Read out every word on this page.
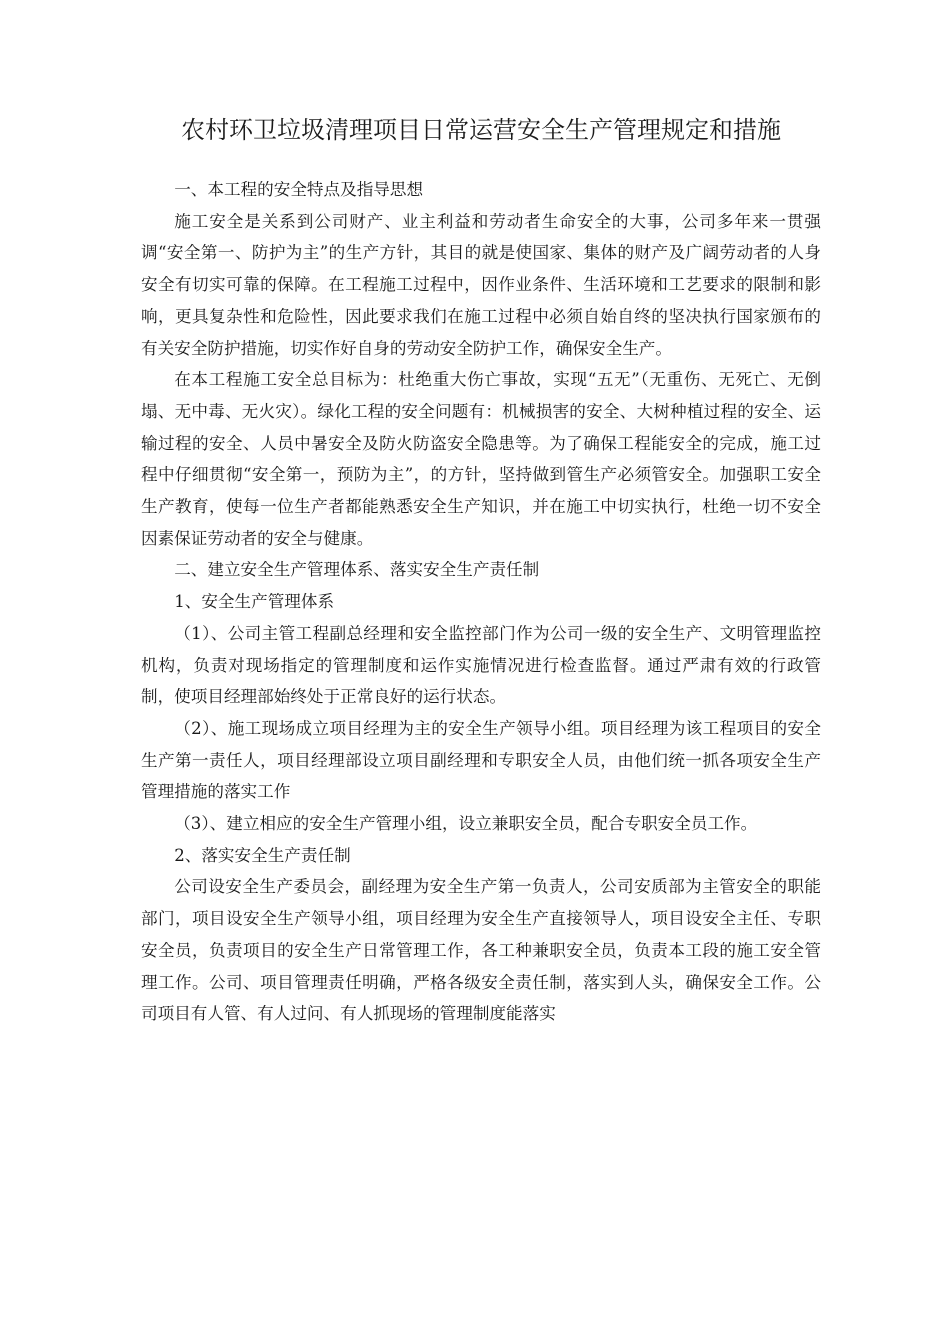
农村环卫垃圾清理项目日常运营安全生产管理规定和措施

一、本工程的安全特点及指导思想

施工安全是关系到公司财产、业主利益和劳动者生命安全的大事，公司多年来一贯强调“安全第一、防护为主”的生产方针，其目的就是使国家、集体的财产及广阔劳动者的人身安全有切实可靠的保障。在工程施工过程中，因作业条件、生活环境和工艺要求的限制和影响，更具复杂性和危险性，因此要求我们在施工过程中必须自始自终的坚决执行国家颁布的有关安全防护措施，切实作好自身的劳动安全防护工作，确保安全生产。

在本工程施工安全总目标为：杜绝重大伤亡事故，实现“五无”（无重伤、无死亡、无倒塌、无中毒、无火灾）。绿化工程的安全问题有：机械损害的安全、大树种植过程的安全、运输过程的安全、人员中暑安全及防火防盗安全隐患等。为了确保工程能安全的完成，施工过程中仔细贯彻“安全第一，预防为主”，的方针，坚持做到管生产必须管安全。加强职工安全生产教育，使每一位生产者都能熟悉安全生产知识，并在施工中切实执行，杜绝一切不安全因素保证劳动者的安全与健康。

二、建立安全生产管理体系、落实安全生产责任制

1、安全生产管理体系

（1）、公司主管工程副总经理和安全监控部门作为公司一级的安全生产、文明管理监控机构，负责对现场指定的管理制度和运作实施情况进行检查监督。通过严肃有效的行政管制，使项目经理部始终处于正常良好的运行状态。

（2）、施工现场成立项目经理为主的安全生产领导小组。项目经理为该工程项目的安全生产第一责任人，项目经理部设立项目副经理和专职安全人员，由他们统一抓各项安全生产管理措施的落实工作

（3）、建立相应的安全生产管理小组，设立兼职安全员，配合专职安全员工作。

2、落实安全生产责任制

公司设安全生产委员会，副经理为安全生产第一负责人，公司安质部为主管安全的职能部门，项目设安全生产领导小组，项目经理为安全生产直接领导人，项目设安全主任、专职安全员，负责项目的安全生产日常管理工作，各工种兼职安全员，负责本工段的施工安全管理工作。公司、项目管理责任明确，严格各级安全责任制，落实到人头，确保安全工作。公司项目有人管、有人过问、有人抓现场的管理制度能落实
